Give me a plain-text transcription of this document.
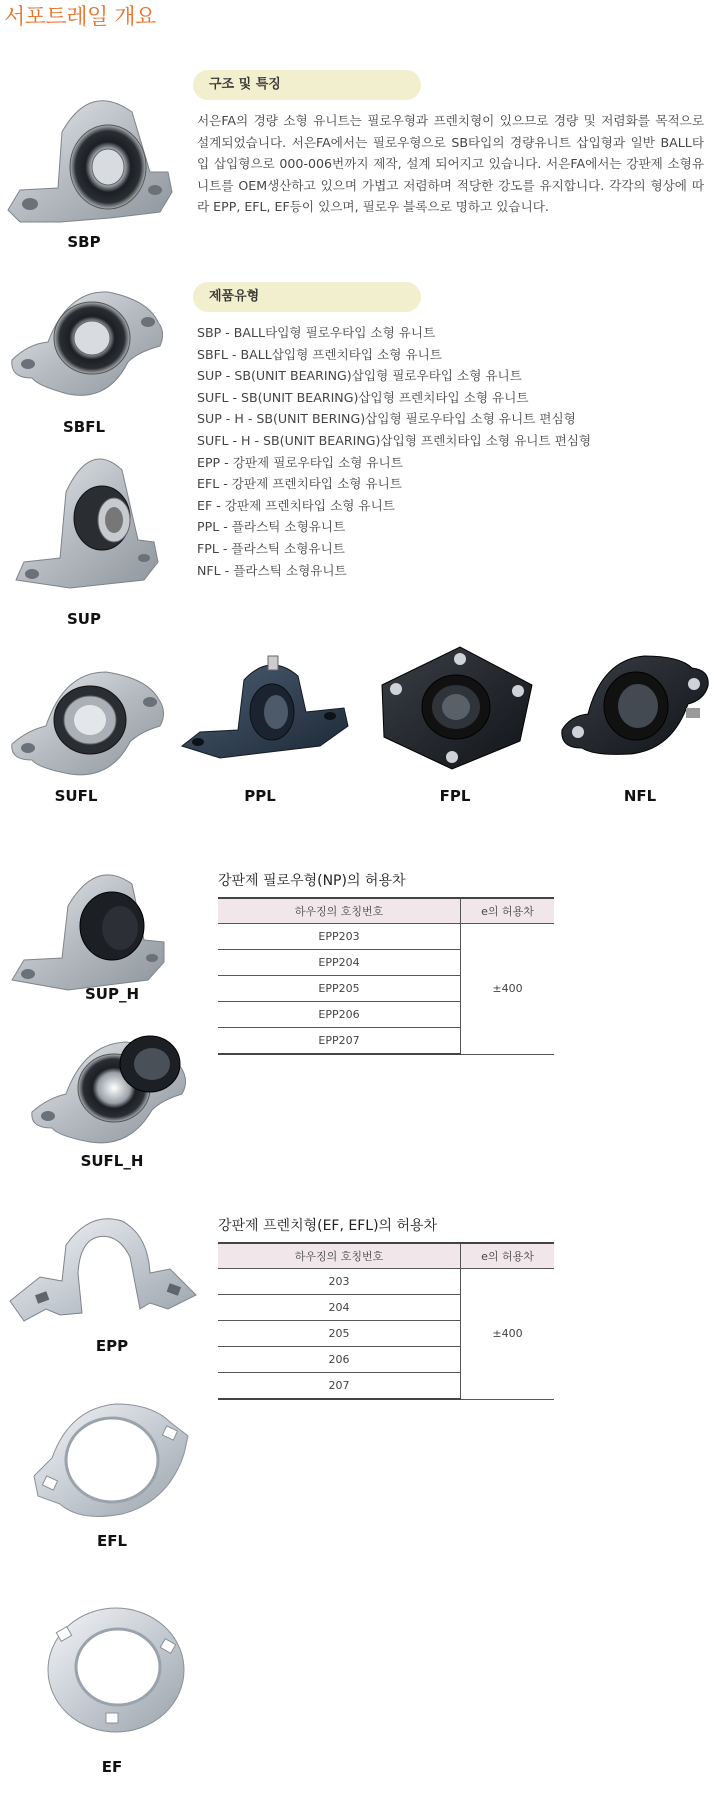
서포트레일 개요
구조 및 특징
서은FA의 경량 소형 유니트는 필로우형과 프렌치형이 있으므로 경량 및 저렴화를 목적으로 설계되었습니다. 서은FA에서는 필로우형으로 SB타입의 경량유니트 삽입형과 일반 BALL타입 삽입형으로 000-006번까지 제작, 설계 되어지고 있습니다. 서은FA에서는 강판제 소형유니트를 OEM생산하고 있으며 가볍고 저렴하며 적당한 강도를 유지합니다. 각각의 형상에 따라 EPP, EFL, EF등이 있으며, 필로우 블록으로 명하고 있습니다.
제품유형
SBP - BALL타입형 필로우타입 소형 유니트
SBFL - BALL삽입형 프렌치타입 소형 유니트
SUP - SB(UNIT BEARING)삽입형 필로우타입 소형 유니트
SUFL - SB(UNIT BEARING)삽입형 프렌치타입 소형 유니트
SUP - H - SB(UNIT BERING)삽입형 필로우타입 소형 유니트 편심형
SUFL - H - SB(UNIT BEARING)삽입형 프렌치타입 소형 유니트 편심형
EPP - 강판제 필로우타입 소형 유니트
EFL - 강판제 프렌치타입 소형 유니트
EF - 강판제 프렌치타입 소형 유니트
PPL - 플라스틱 소형유니트
FPL - 플라스틱 소형유니트
NFL - 플라스틱 소형유니트
SBP
SBFL
SUP
SUFL	PPL	FPL	NFL
SUP_H
SUFL_H
강판제 필로우형(NP)의 허용차
하우징의 호칭번호	e의 허용차
EPP203	±400
EPP204	
EPP205	
EPP206	
EPP207	
EPP
강판제 프렌치형(EF, EFL)의 허용차
하우징의 호칭번호	e의 허용차
203	±400
204	
205	
206	
207	
EFL
EF
